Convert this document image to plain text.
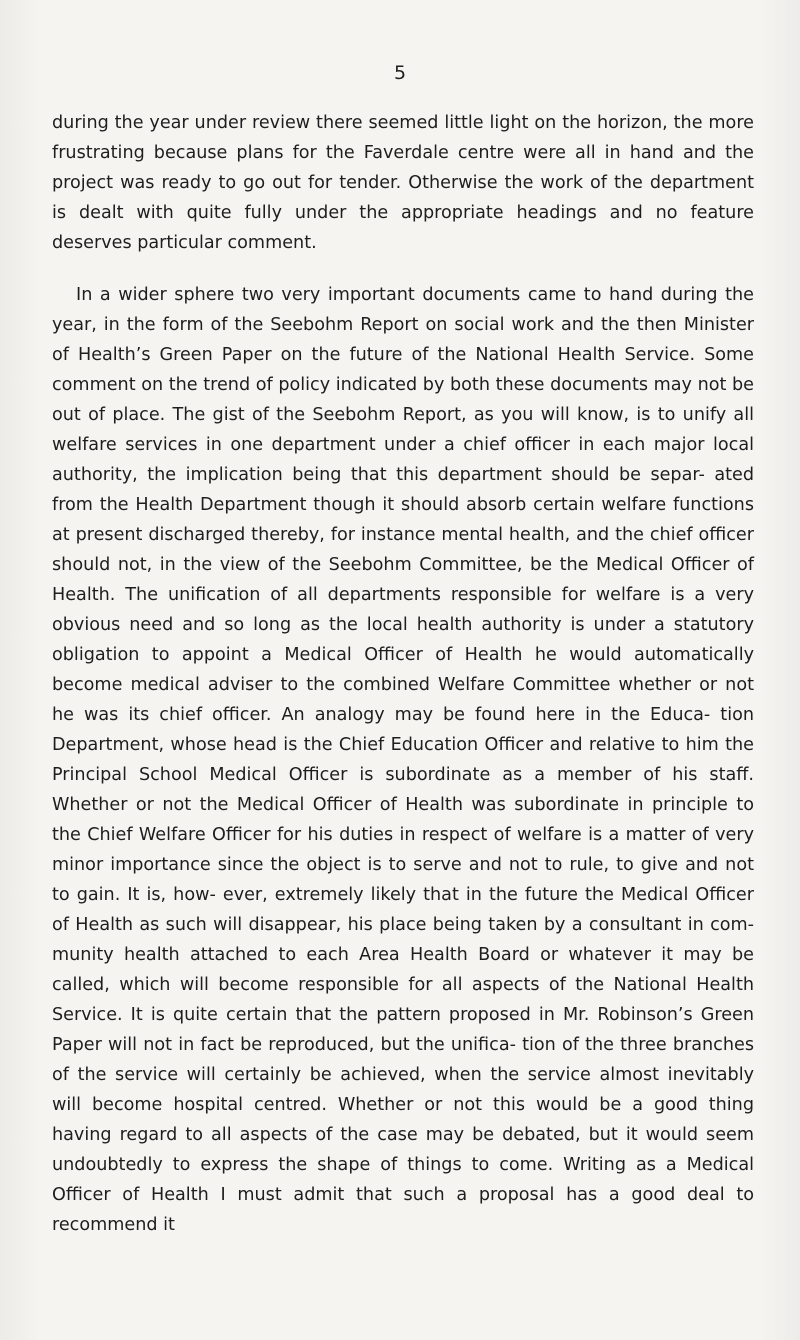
5

during the year under review there seemed little light on the horizon, the more frustrating because plans for the Faverdale centre were all in hand and the project was ready to go out for tender. Otherwise the work of the department is dealt with quite fully under the appropriate headings and no feature deserves particular comment.

In a wider sphere two very important documents came to hand during the year, in the form of the Seebohm Report on social work and the then Minister of Health’s Green Paper on the future of the National Health Service. Some comment on the trend of policy indicated by both these documents may not be out of place. The gist of the Seebohm Report, as you will know, is to unify all welfare services in one department under a chief officer in each major local authority, the implication being that this department should be separ- ated from the Health Department though it should absorb certain welfare functions at present discharged thereby, for instance mental health, and the chief officer should not, in the view of the Seebohm Committee, be the Medical Officer of Health. The unification of all departments responsible for welfare is a very obvious need and so long as the local health authority is under a statutory obligation to appoint a Medical Officer of Health he would automatically become medical adviser to the combined Welfare Committee whether or not he was its chief officer. An analogy may be found here in the Educa- tion Department, whose head is the Chief Education Officer and relative to him the Principal School Medical Officer is subordinate as a member of his staff. Whether or not the Medical Officer of Health was subordinate in principle to the Chief Welfare Officer for his duties in respect of welfare is a matter of very minor importance since the object is to serve and not to rule, to give and not to gain. It is, how- ever, extremely likely that in the future the Medical Officer of Health as such will disappear, his place being taken by a consultant in com- munity health attached to each Area Health Board or whatever it may be called, which will become responsible for all aspects of the National Health Service. It is quite certain that the pattern proposed in Mr. Robinson’s Green Paper will not in fact be reproduced, but the unifica- tion of the three branches of the service will certainly be achieved, when the service almost inevitably will become hospital centred. Whether or not this would be a good thing having regard to all aspects of the case may be debated, but it would seem undoubtedly to express the shape of things to come. Writing as a Medical Officer of Health I must admit that such a proposal has a good deal to recommend it
